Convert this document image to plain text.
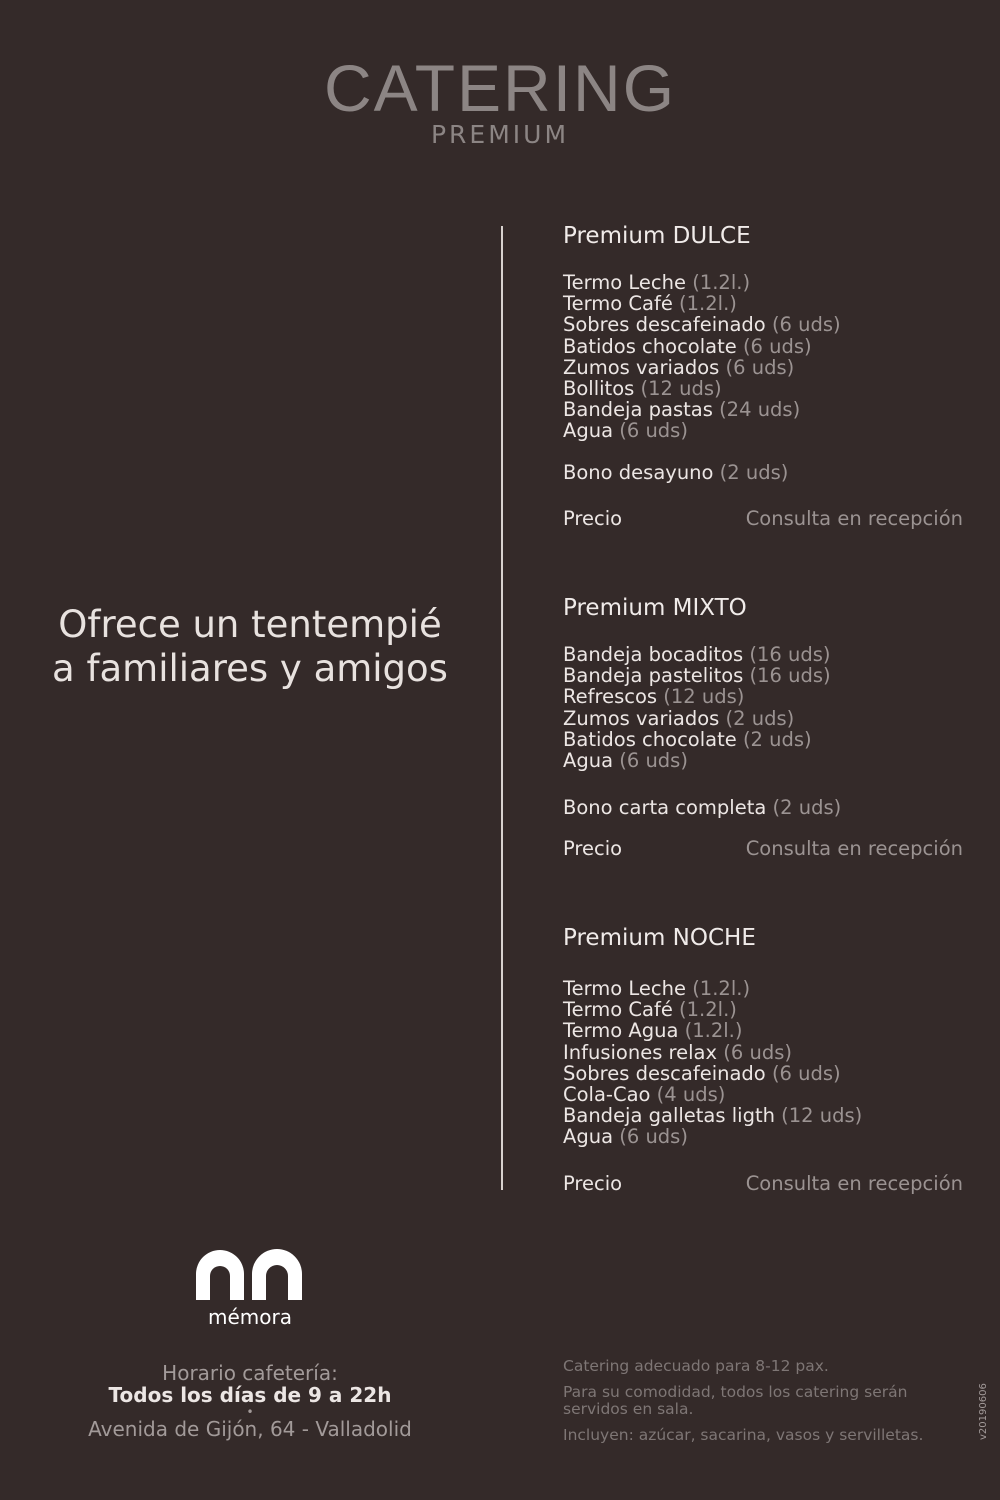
CATERING
PREMIUM
Ofrece un tentempié
a familiares y amigos
Premium DULCE
Termo Leche (1.2l.)
Termo Café (1.2l.)
Sobres descafeinado (6 uds)
Batidos chocolate (6 uds)
Zumos variados (6 uds)
Bollitos (12 uds)
Bandeja pastas (24 uds)
Agua (6 uds)
Bono desayuno (2 uds)
Precio	Consulta en recepción
Premium MIXTO
Bandeja bocaditos (16 uds)
Bandeja pastelitos (16 uds)
Refrescos (12 uds)
Zumos variados (2 uds)
Batidos chocolate (2 uds)
Agua (6 uds)
Bono carta completa (2 uds)
Precio	Consulta en recepción
Premium NOCHE
Termo Leche (1.2l.)
Termo Café (1.2l.)
Termo Agua (1.2l.)
Infusiones relax (6 uds)
Sobres descafeinado (6 uds)
Cola-Cao (4 uds)
Bandeja galletas ligth (12 uds)
Agua (6 uds)
Precio	Consulta en recepción
mémora
Horario cafetería:
Todos los días de 9 a 22h
•
Avenida de Gijón, 64 - Valladolid

Catering adecuado para 8-12 pax.

Para su comodidad, todos los catering serán servidos en sala.

Incluyen: azúcar, sacarina, vasos y servilletas.	v20190606
